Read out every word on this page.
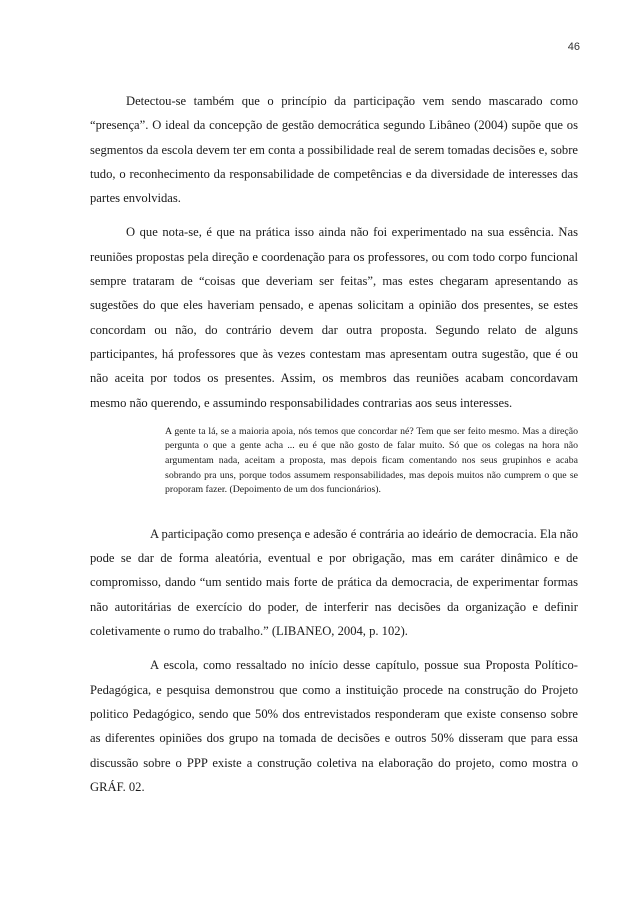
46

Detectou-se também que o princípio da participação vem sendo mascarado como “presença”. O ideal da concepção de gestão democrática segundo Libâneo (2004) supõe que os segmentos da escola devem ter em conta a possibilidade real de serem tomadas decisões e, sobre tudo, o reconhecimento da responsabilidade de competências e da diversidade de interesses das partes envolvidas.

O que nota-se, é que na prática isso ainda não foi experimentado na sua essência. Nas reuniões propostas pela direção e coordenação para os professores, ou com todo corpo funcional sempre trataram de “coisas que deveriam ser feitas”, mas estes chegaram apresentando as sugestões do que eles haveriam pensado, e apenas solicitam a opinião dos presentes, se estes concordam ou não, do contrário devem dar outra proposta. Segundo relato de alguns participantes, há professores que às vezes contestam mas apresentam outra sugestão, que é ou não aceita por todos os presentes. Assim, os membros das reuniões acabam concordavam mesmo não querendo, e assumindo responsabilidades contrarias aos seus interesses.

A gente ta lá, se a maioria apoia, nós temos que concordar né? Tem que ser feito mesmo. Mas a direção pergunta o que a gente acha ... eu é que não gosto de falar muito. Só que os colegas na hora não argumentam nada, aceitam a proposta, mas depois ficam comentando nos seus grupinhos e acaba sobrando pra uns, porque todos assumem responsabilidades, mas depois muitos não cumprem o que se proporam fazer. (Depoimento de um dos funcionários).

A participação como presença e adesão é contrária ao ideário de democracia. Ela não pode se dar de forma aleatória, eventual e por obrigação, mas em caráter dinâmico e de compromisso, dando “um sentido mais forte de prática da democracia, de experimentar formas não autoritárias de exercício do poder, de interferir nas decisões da organização e definir coletivamente o rumo do trabalho.” (LIBANEO, 2004, p. 102).

A escola, como ressaltado no início desse capítulo, possue sua Proposta Político-Pedagógica, e pesquisa demonstrou que como a instituição procede na construção do Projeto politico Pedagógico, sendo que 50% dos entrevistados responderam que existe consenso sobre as diferentes opiniões dos grupo na tomada de decisões e outros 50% disseram que para essa discussão sobre o PPP existe a construção coletiva na elaboração do projeto, como mostra o GRÁF. 02.
